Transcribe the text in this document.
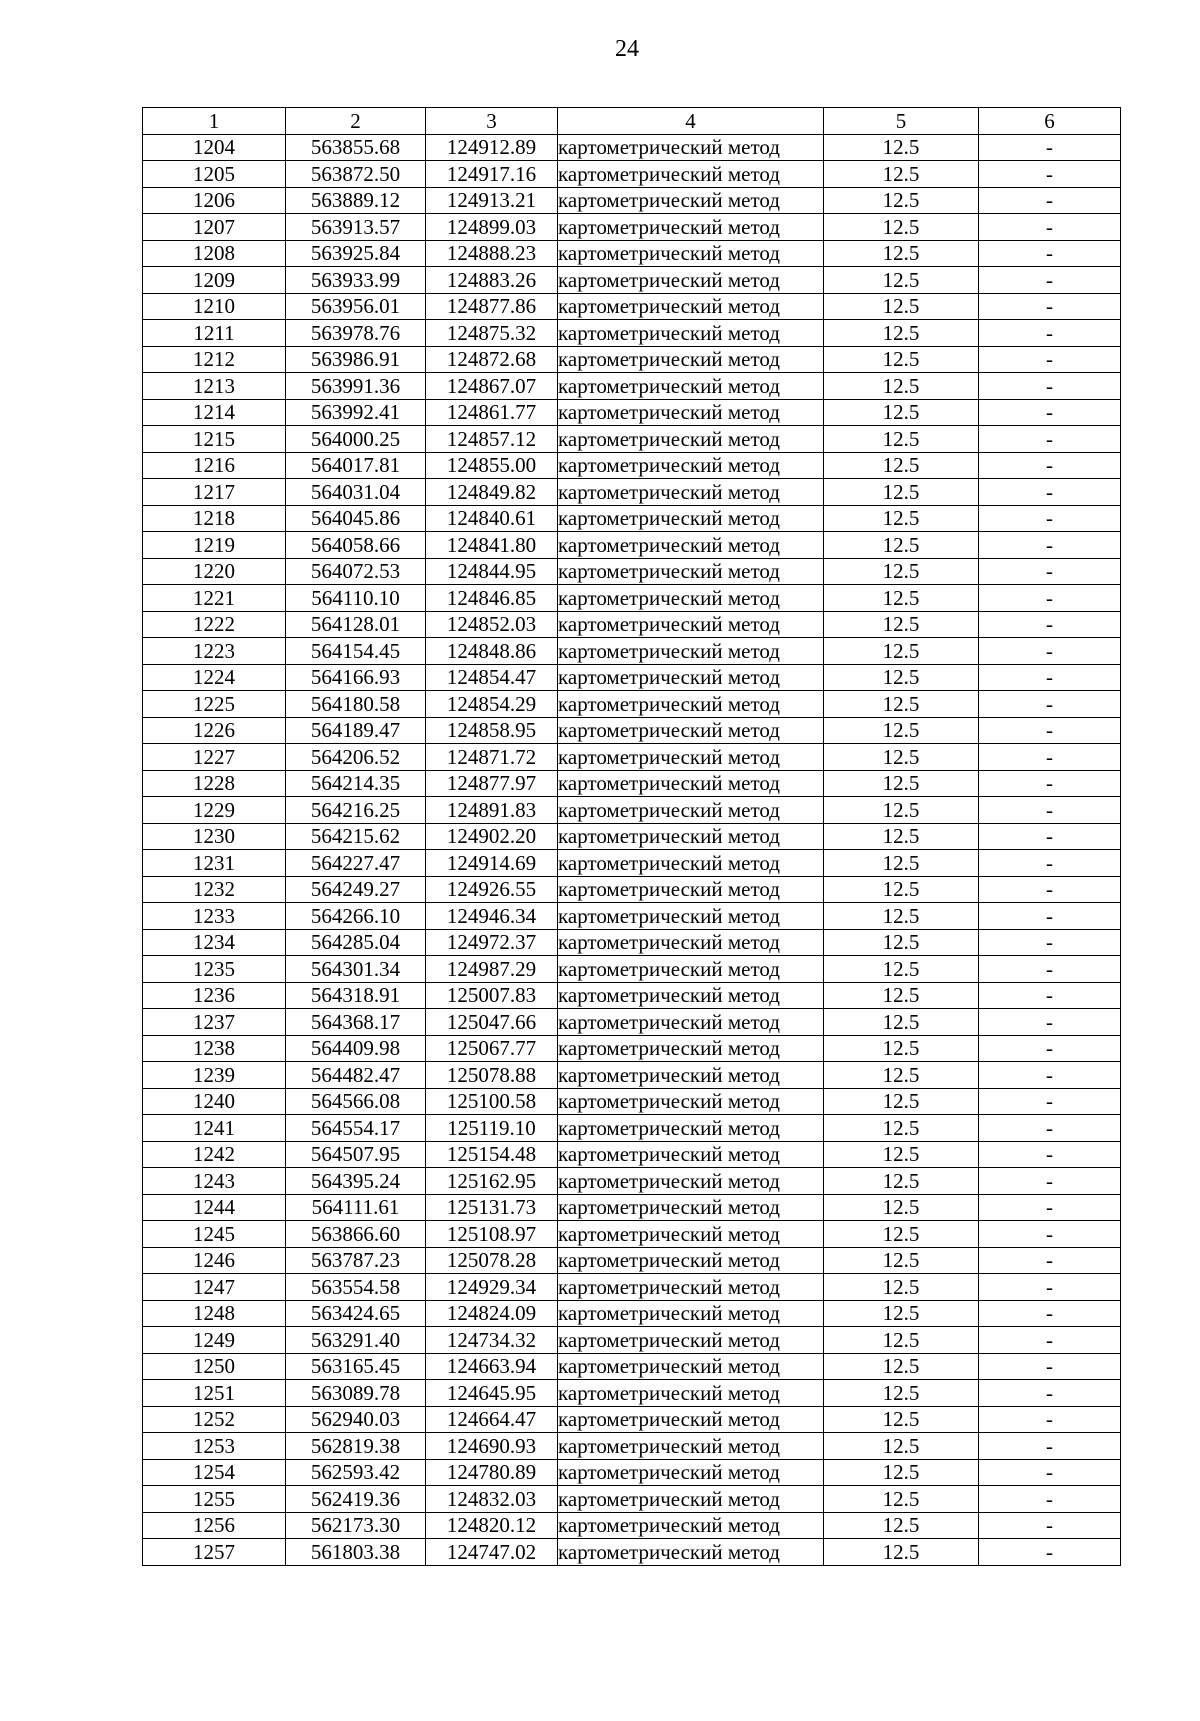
24
1	2	3	4	5	6
1204	563855.68	124912.89	картометрический метод	12.5	-
1205	563872.50	124917.16	картометрический метод	12.5	-
1206	563889.12	124913.21	картометрический метод	12.5	-
1207	563913.57	124899.03	картометрический метод	12.5	-
1208	563925.84	124888.23	картометрический метод	12.5	-
1209	563933.99	124883.26	картометрический метод	12.5	-
1210	563956.01	124877.86	картометрический метод	12.5	-
1211	563978.76	124875.32	картометрический метод	12.5	-
1212	563986.91	124872.68	картометрический метод	12.5	-
1213	563991.36	124867.07	картометрический метод	12.5	-
1214	563992.41	124861.77	картометрический метод	12.5	-
1215	564000.25	124857.12	картометрический метод	12.5	-
1216	564017.81	124855.00	картометрический метод	12.5	-
1217	564031.04	124849.82	картометрический метод	12.5	-
1218	564045.86	124840.61	картометрический метод	12.5	-
1219	564058.66	124841.80	картометрический метод	12.5	-
1220	564072.53	124844.95	картометрический метод	12.5	-
1221	564110.10	124846.85	картометрический метод	12.5	-
1222	564128.01	124852.03	картометрический метод	12.5	-
1223	564154.45	124848.86	картометрический метод	12.5	-
1224	564166.93	124854.47	картометрический метод	12.5	-
1225	564180.58	124854.29	картометрический метод	12.5	-
1226	564189.47	124858.95	картометрический метод	12.5	-
1227	564206.52	124871.72	картометрический метод	12.5	-
1228	564214.35	124877.97	картометрический метод	12.5	-
1229	564216.25	124891.83	картометрический метод	12.5	-
1230	564215.62	124902.20	картометрический метод	12.5	-
1231	564227.47	124914.69	картометрический метод	12.5	-
1232	564249.27	124926.55	картометрический метод	12.5	-
1233	564266.10	124946.34	картометрический метод	12.5	-
1234	564285.04	124972.37	картометрический метод	12.5	-
1235	564301.34	124987.29	картометрический метод	12.5	-
1236	564318.91	125007.83	картометрический метод	12.5	-
1237	564368.17	125047.66	картометрический метод	12.5	-
1238	564409.98	125067.77	картометрический метод	12.5	-
1239	564482.47	125078.88	картометрический метод	12.5	-
1240	564566.08	125100.58	картометрический метод	12.5	-
1241	564554.17	125119.10	картометрический метод	12.5	-
1242	564507.95	125154.48	картометрический метод	12.5	-
1243	564395.24	125162.95	картометрический метод	12.5	-
1244	564111.61	125131.73	картометрический метод	12.5	-
1245	563866.60	125108.97	картометрический метод	12.5	-
1246	563787.23	125078.28	картометрический метод	12.5	-
1247	563554.58	124929.34	картометрический метод	12.5	-
1248	563424.65	124824.09	картометрический метод	12.5	-
1249	563291.40	124734.32	картометрический метод	12.5	-
1250	563165.45	124663.94	картометрический метод	12.5	-
1251	563089.78	124645.95	картометрический метод	12.5	-
1252	562940.03	124664.47	картометрический метод	12.5	-
1253	562819.38	124690.93	картометрический метод	12.5	-
1254	562593.42	124780.89	картометрический метод	12.5	-
1255	562419.36	124832.03	картометрический метод	12.5	-
1256	562173.30	124820.12	картометрический метод	12.5	-
1257	561803.38	124747.02	картометрический метод	12.5	-
